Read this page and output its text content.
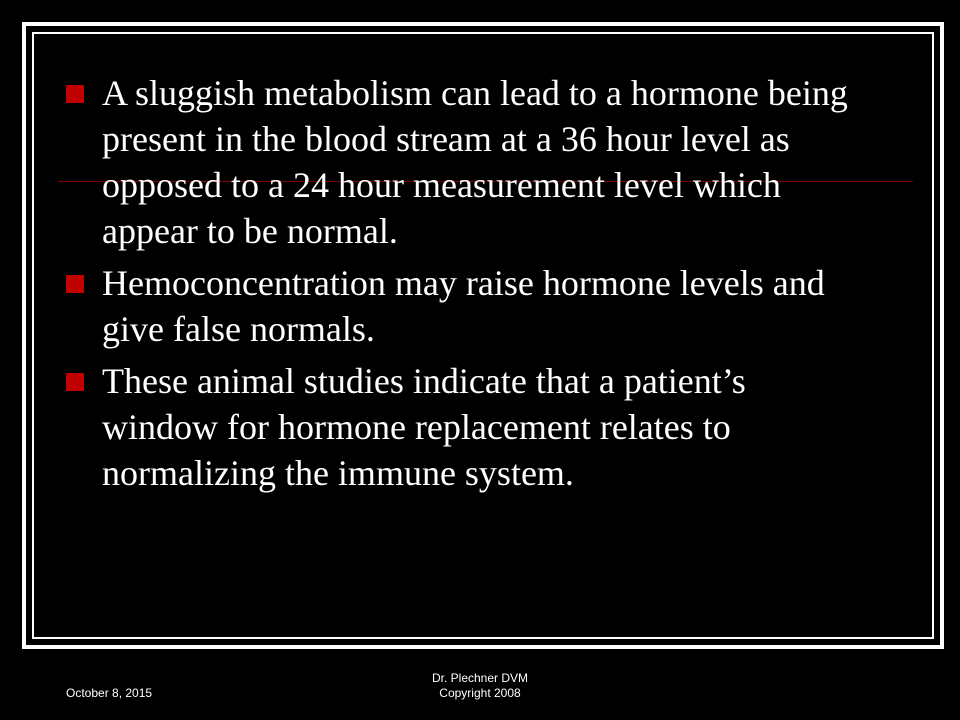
A sluggish metabolism can lead to a hormone being present in the blood stream at a 36 hour level as opposed to a 24 hour measurement level which appear to be normal.
Hemoconcentration may raise hormone levels and give false normals.
These animal studies indicate that a patient’s window for hormone replacement relates to normalizing the immune system.
October 8, 2015
Dr. Plechner DVM
Copyright 2008
